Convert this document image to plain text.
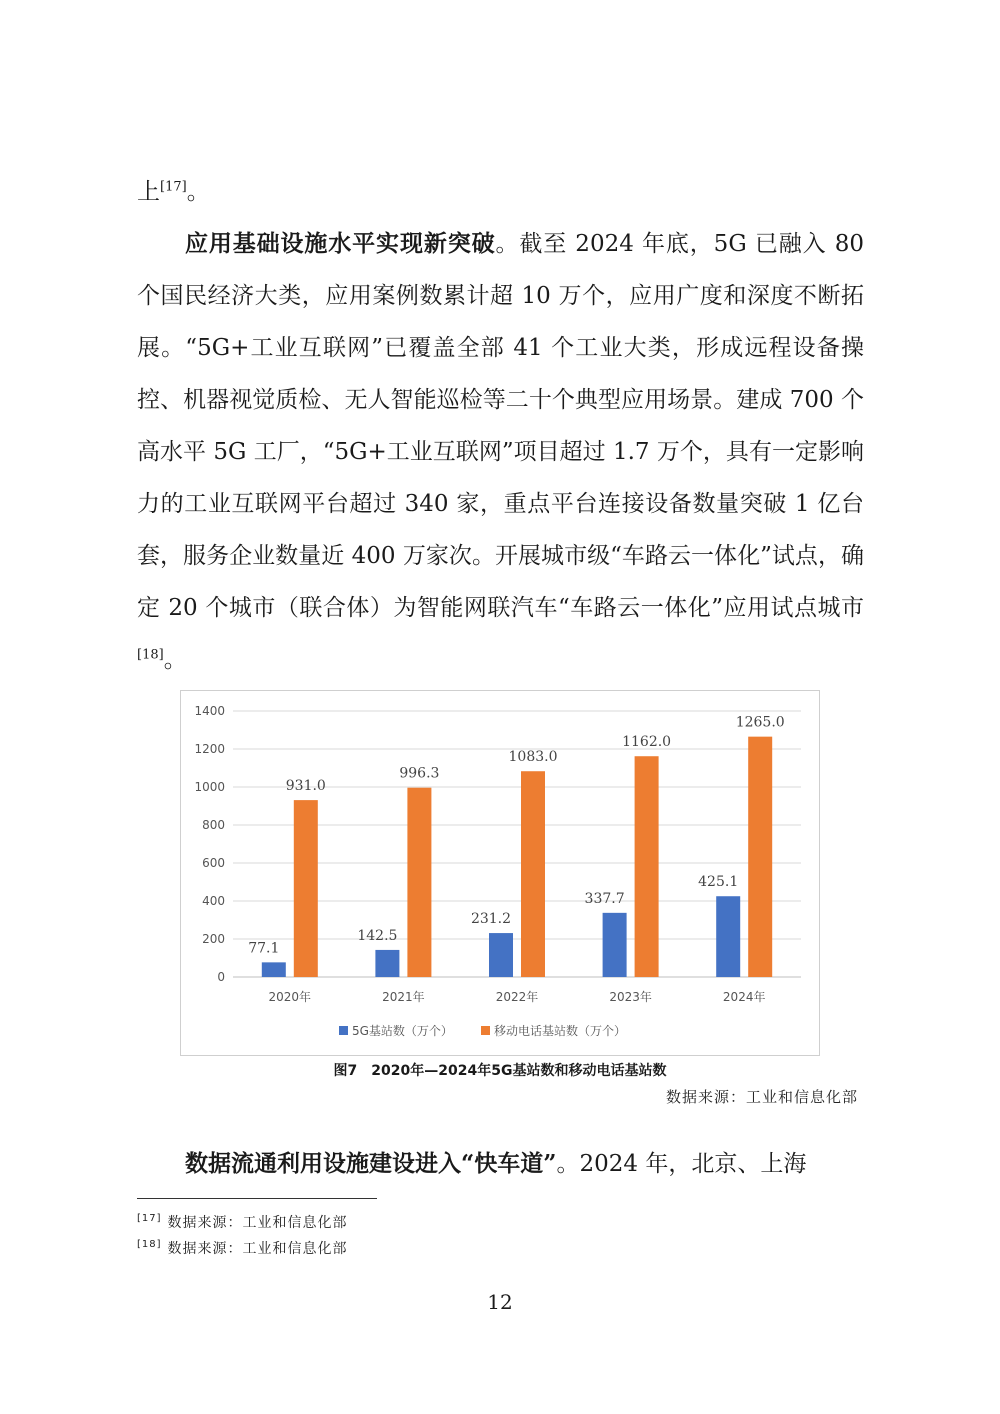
上[17]。

应用基础设施水平实现新突破。截至 2024 年底，5G 已融入 80 个国民经济大类，应用案例数累计超 10 万个，应用广度和深度不断拓展。“5G+工业互联网”已覆盖全部 41 个工业大类，形成远程设备操控、机器视觉质检、无人智能巡检等二十个典型应用场景。建成 700 个高水平 5G 工厂，“5G+工业互联网”项目超过 1.7 万个，具有一定影响力的工业互联网平台超过 340 家，重点平台连接设备数量突破 1 亿台套，服务企业数量近 400 万家次。开展城市级“车路云一体化”试点，确定 20 个城市（联合体）为智能网联汽车“车路云一体化”应用试点城市[18]。

0
200
400
600
800
1000
1200
1400
77.1
931.0
2020年
142.5
996.3
2021年
231.2
1083.0
2022年
337.7
1162.0
2023年
425.1
1265.0
2024年
5G基站数（万个）	移动电话基站数（万个）
图7　2020年—2024年5G基站数和移动电话基站数
数据来源：工业和信息化部

数据流通利用设施建设进入“快车道”。2024 年，北京、上海

[17] 数据来源：工业和信息化部
[18] 数据来源：工业和信息化部
12
